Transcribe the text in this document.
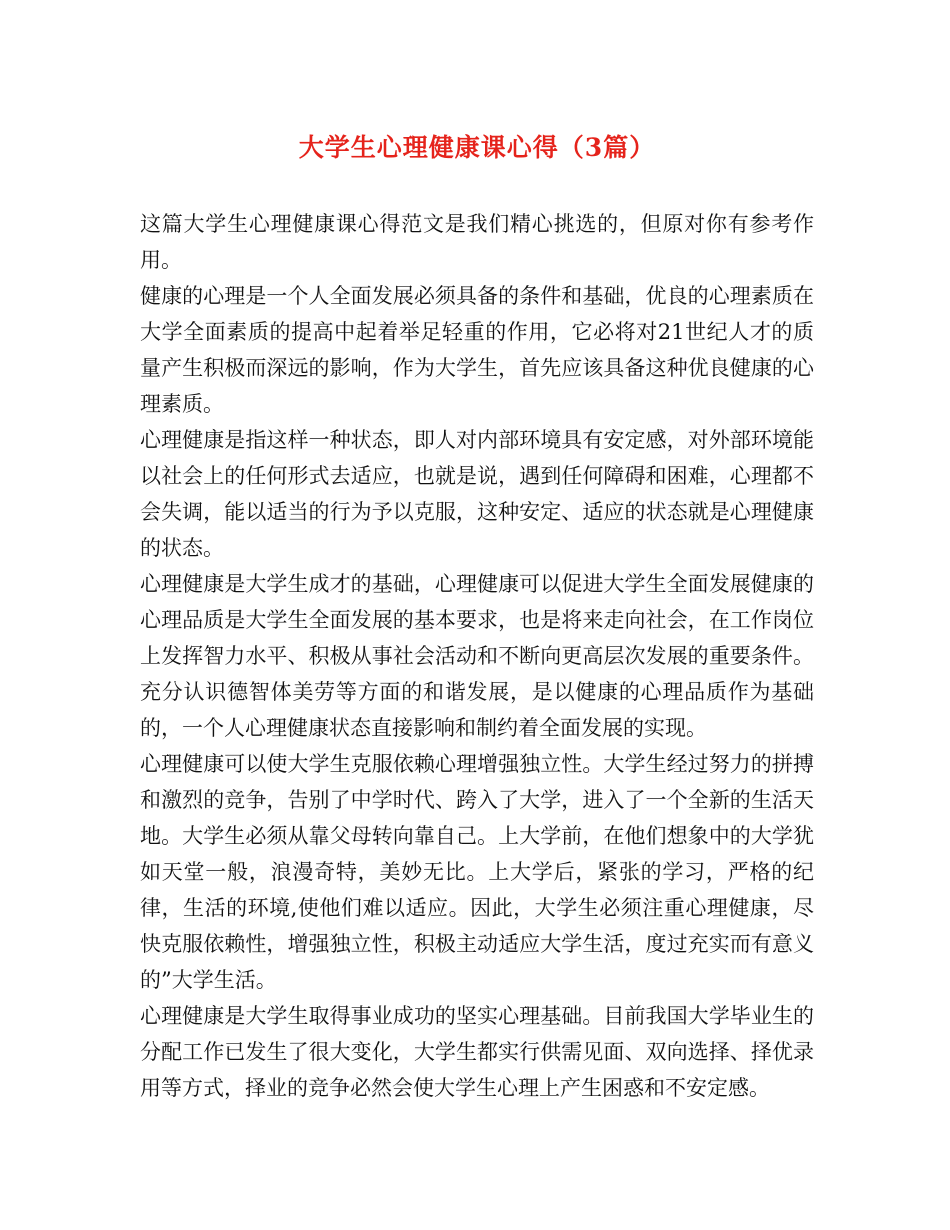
大学生心理健康课心得（3篇）

这篇大学生心理健康课心得范文是我们精心挑选的，但原对你有参考作用。

健康的心理是一个人全面发展必须具备的条件和基础，优良的心理素质在大学全面素质的提高中起着举足轻重的作用，它必将对21世纪人才的质量产生积极而深远的影响，作为大学生，首先应该具备这种优良健康的心理素质。

心理健康是指这样一种状态，即人对内部环境具有安定感，对外部环境能以社会上的任何形式去适应，也就是说，遇到任何障碍和困难，心理都不会失调，能以适当的行为予以克服，这种安定、适应的状态就是心理健康的状态。

心理健康是大学生成才的基础，心理健康可以促进大学生全面发展健康的心理品质是大学生全面发展的基本要求，也是将来走向社会，在工作岗位上发挥智力水平、积极从事社会活动和不断向更高层次发展的重要条件。充分认识德智体美劳等方面的和谐发展，是以健康的心理品质作为基础的，一个人心理健康状态直接影响和制约着全面发展的实现。

心理健康可以使大学生克服依赖心理增强独立性。大学生经过努力的拼搏和激烈的竞争，告别了中学时代、跨入了大学，进入了一个全新的生活天地。大学生必须从靠父母转向靠自己。上大学前，在他们想象中的大学犹如天堂一般，浪漫奇特，美妙无比。上大学后，紧张的学习，严格的纪律，生活的环境,使他们难以适应。因此，大学生必须注重心理健康，尽快克服依赖性，增强独立性，积极主动适应大学生活，度过充实而有意义的”大学生活。

心理健康是大学生取得事业成功的坚实心理基础。目前我国大学毕业生的分配工作已发生了很大变化，大学生都实行供需见面、双向选择、择优录用等方式，择业的竞争必然会使大学生心理上产生困惑和不安定感。
